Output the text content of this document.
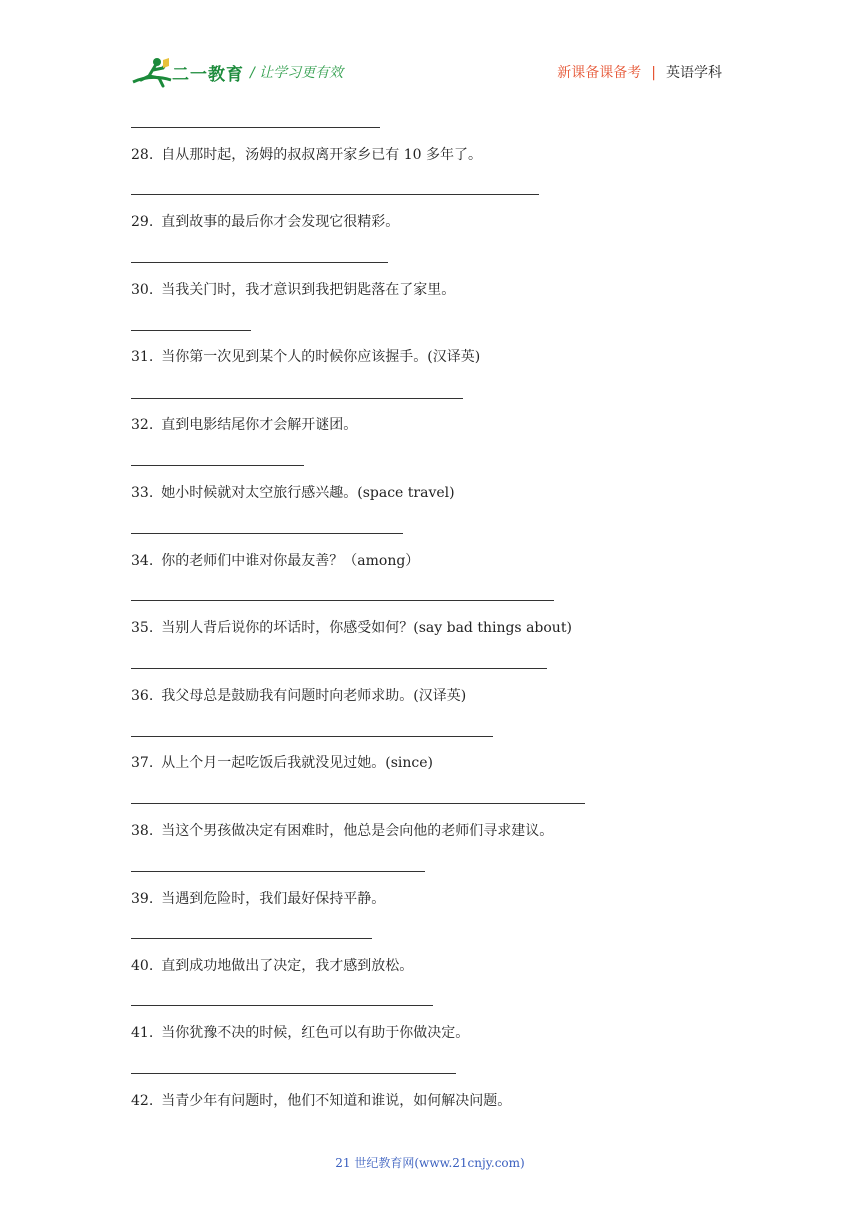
二一教育 / 让学习更有效	新课备课备考 | 英语学科
28. 自从那时起，汤姆的叔叔离开家乡已有 10 多年了。
29. 直到故事的最后你才会发现它很精彩。
30. 当我关门时，我才意识到我把钥匙落在了家里。
31. 当你第一次见到某个人的时候你应该握手。(汉译英)
32. 直到电影结尾你才会解开谜团。
33. 她小时候就对太空旅行感兴趣。(space travel)
34. 你的老师们中谁对你最友善？（among）
35. 当别人背后说你的坏话时，你感受如何？(say bad things about)
36. 我父母总是鼓励我有问题时向老师求助。(汉译英)
37. 从上个月一起吃饭后我就没见过她。(since)
38. 当这个男孩做决定有困难时，他总是会向他的老师们寻求建议。
39. 当遇到危险时，我们最好保持平静。
40. 直到成功地做出了决定，我才感到放松。
41. 当你犹豫不决的时候，红色可以有助于你做决定。
42. 当青少年有问题时，他们不知道和谁说，如何解决问题。
21 世纪教育网(www.21cnjy.com)
